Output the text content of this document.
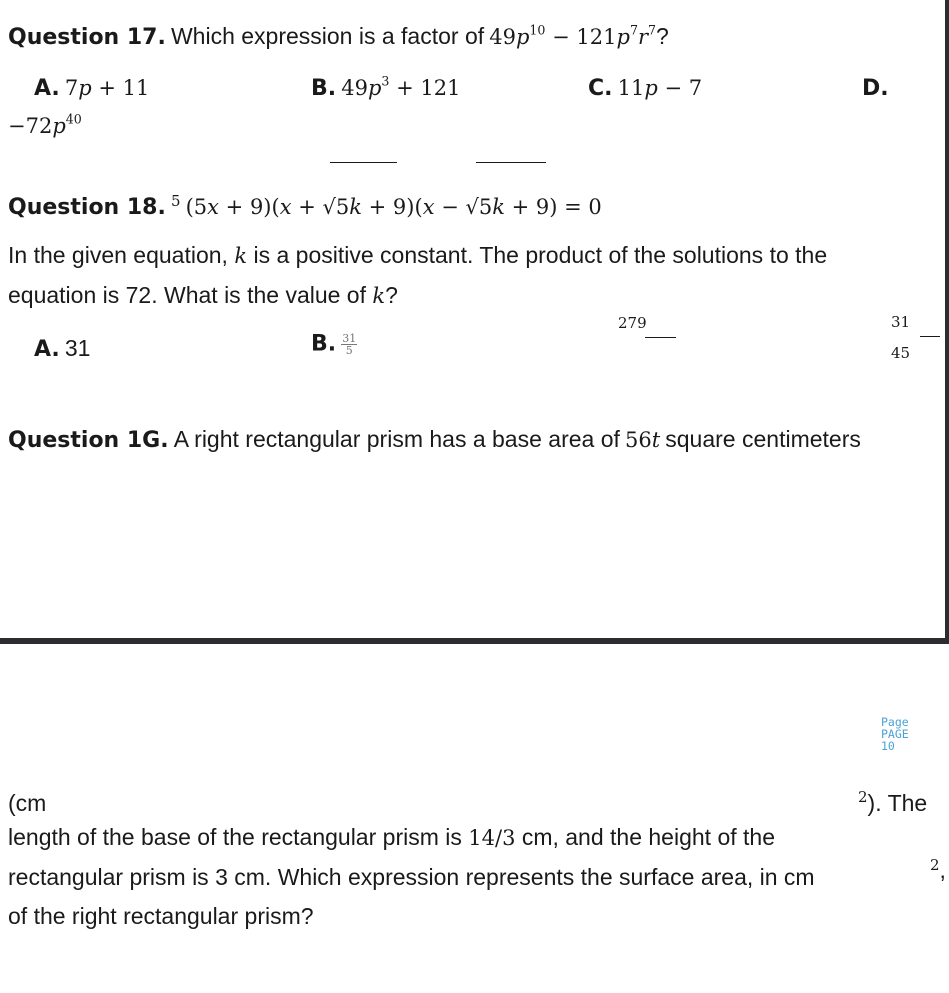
Question 17. Which expression is a factor of $49p^{10} - 121p^7r^7$?
A. 7p + 11	B. $49p^3 + 121$	C. 11p − 7	D.
$-72p^{40}$
Question 18. 5 (5x + 9)(x + √5k + 9)(x − √5k + 9) = 0
In the given equation, k is a positive constant. The product of the solutions to the
equation is 72. What is the value of k?
A. 31	B. $\frac{31}{5}$
279	31
45
Question 1G. A right rectangular prism has a base area of 56t square centimeters
Page
PAGE
10
(cm	$^2$). The
length of the base of the rectangular prism is 14/3 cm, and the height of the
rectangular prism is 3 cm. Which expression represents the surface area, in cm	2,
of the right rectangular prism?
